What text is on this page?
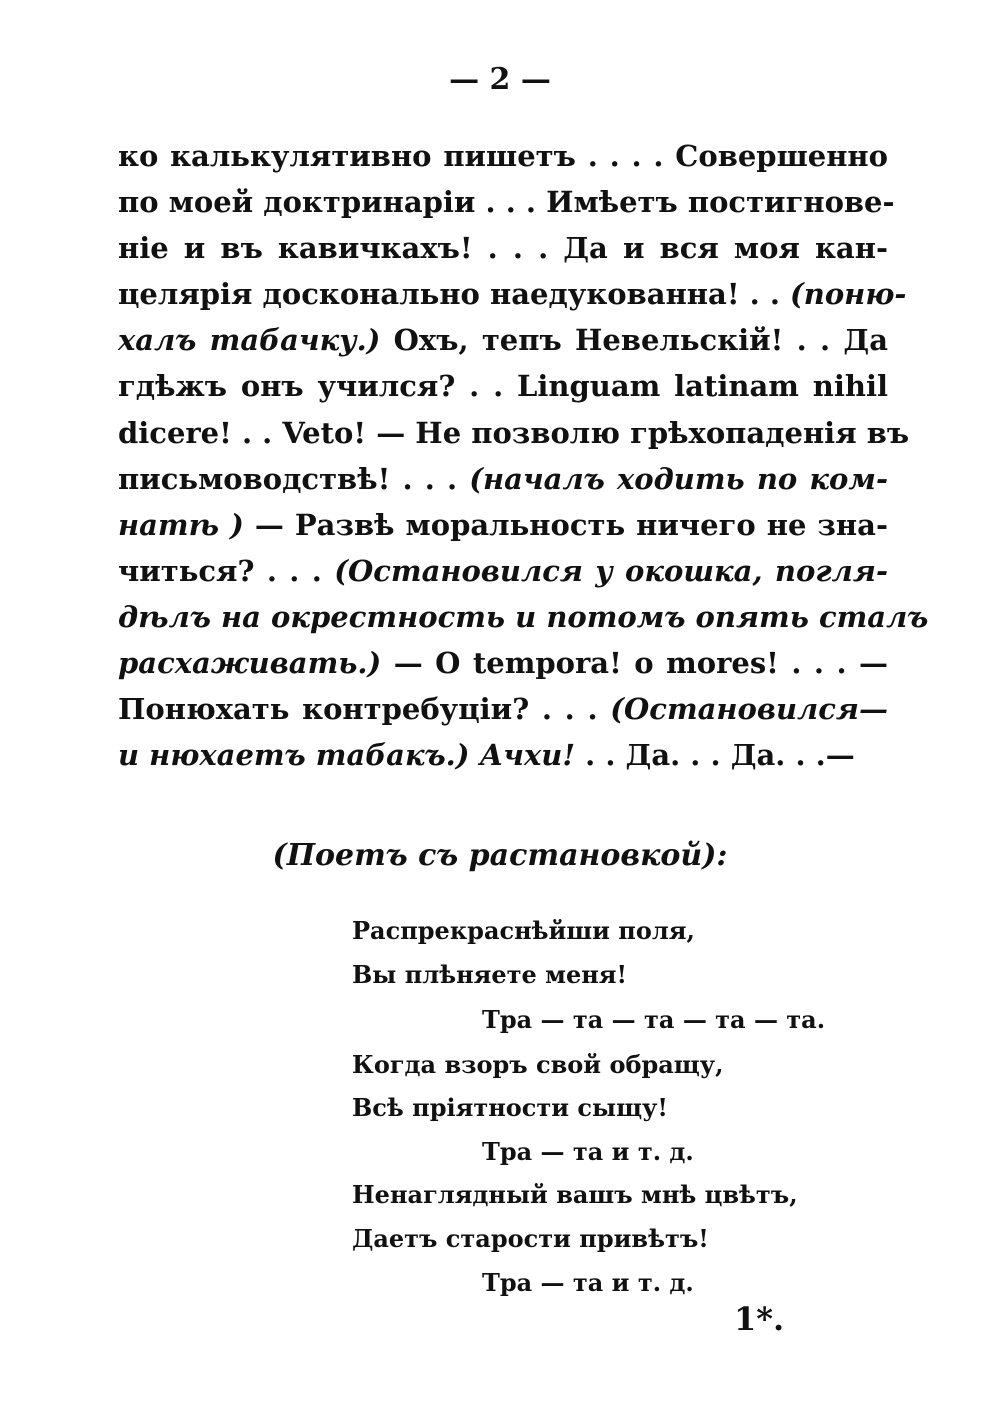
— 2 —
ко калькулятивно пишетъ . . . . Совершенно
по моей доктринаріи . . . Имѣетъ постигнове-
ніе и въ кавичкахъ! . . . Да и вся моя кан-
целярія досконально наедукованна! . . (поню-
халъ табачку.) Охъ, тепъ Невельскій! . . Да
гдѣжъ онъ учился? . . Linguam latinam nihil
dicere! . . Veto! — Не позволю грѣхопаденія въ
письмоводствѣ! . . . (началъ ходить по ком-
натѣ ) — Развѣ моральность ничего не зна-
читься? . . . (Остановился у окошка, погля-
дѣлъ на окрестность и потомъ опять сталъ
расхаживать.) — O tempora! o mores! . . . —
Понюхать контребуціи? . . . (Остановился—
и нюхаетъ табакъ.) Ачхи! . . Да. . . Да. . .—
(Поетъ съ растановкой):
Распрекраснѣйши поля,
Вы плѣняете меня!
Тра — та — та — та — та.
Когда взоръ свой обращу,
Всѣ пріятности сыщу!
Тра — та и т. д.
Ненаглядный вашъ мнѣ цвѣтъ,
Даетъ старости привѣтъ!
Тра — та и т. д.
1*.
